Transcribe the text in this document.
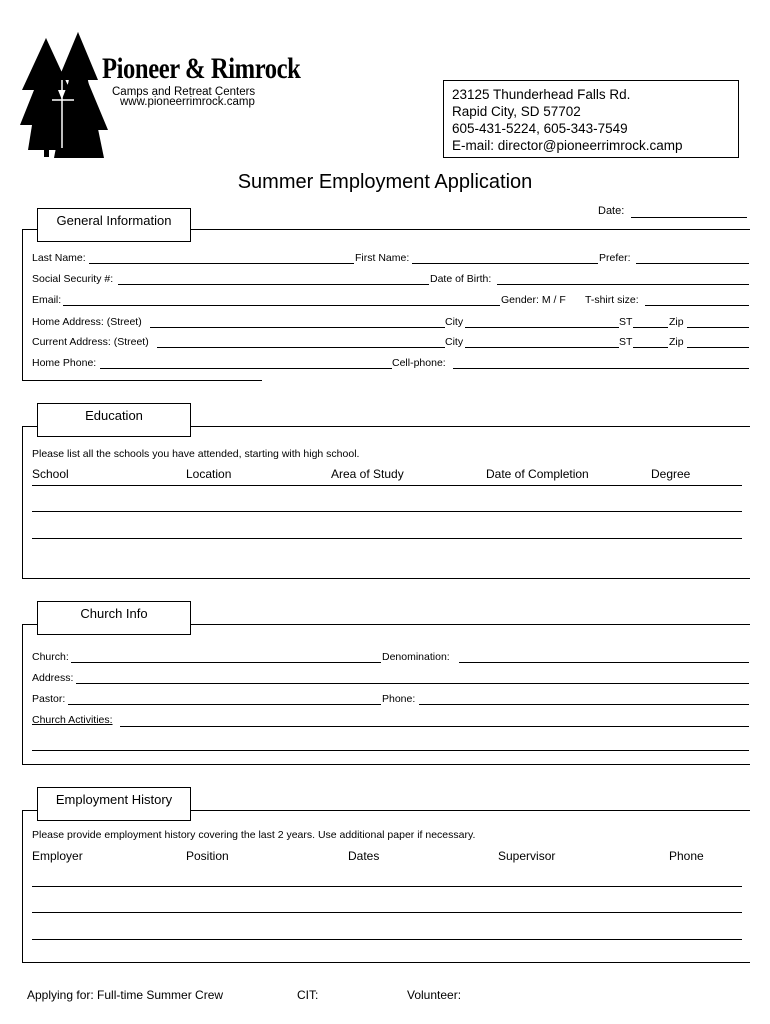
Pioneer & Rimrock
Camps and Retreat Centers
www.pioneerrimrock.camp	23125 Thunderhead Falls Rd.
Rapid City, SD 57702
605-431-5224, 605-343-7549
E-mail: director@pioneerrimrock.camp
Summer Employment Application
Date:
General Information
Last Name:	First Name:	Prefer:
Social Security #:	Date of Birth:
Email:	Gender: M / F T-shirt size:
Home Address: (Street)	City	ST	Zip
Current Address: (Street)	City	ST	Zip
Home Phone:	Cell-phone:
Education
Please list all the schools you have attended, starting with high school.
School	Location	Area of Study	Date of Completion	Degree
Church Info
Church:	Denomination:
Address:
Pastor:	Phone:
Church Activities:
Employment History
Please provide employment history covering the last 2 years. Use additional paper if necessary.
Employer	Position	Dates	Supervisor	Phone
Applying for: Full-time Summer Crew	CIT:	Volunteer:
